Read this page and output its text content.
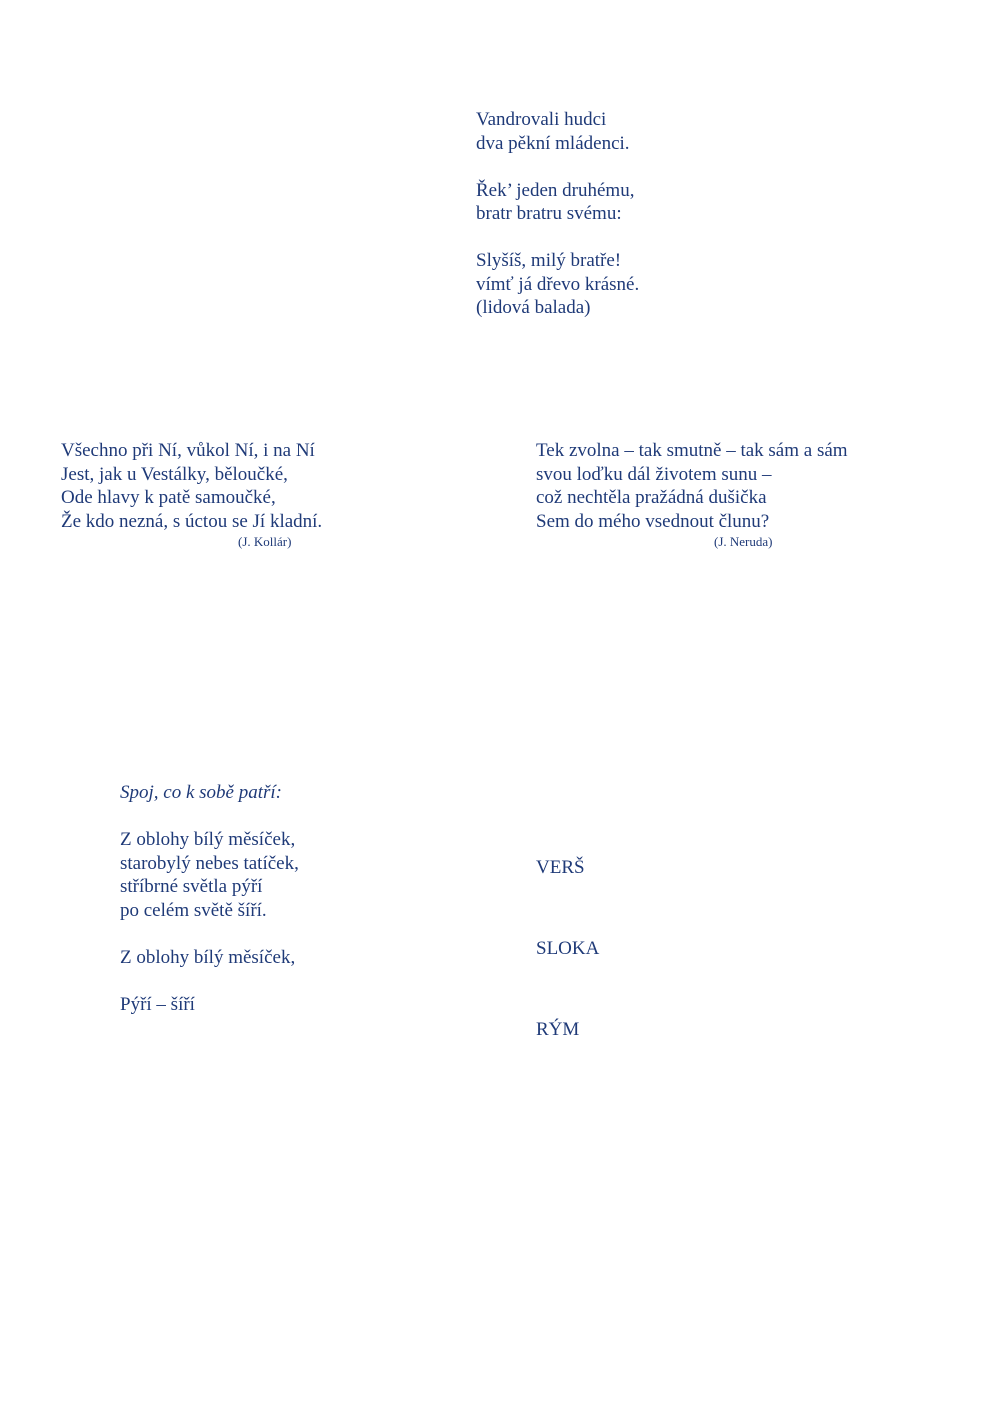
Vandrovali hudci
dva pěkní mládenci.
Řek’ jeden druhému,
bratr bratru svému:
Slyšíš, milý bratře!
vímť já dřevo krásné.
(lidová balada)
Všechno při Ní, vůkol Ní, i na Ní
Jest, jak u Vestálky, běloučké,
Ode hlavy k patě samoučké,
Že kdo nezná, s úctou se Jí kladní.
(J. Kollár)
Tek zvolna – tak smutně – tak sám a sám
svou loďku dál životem sunu –
což nechtěla pražádná dušička
Sem do mého vsednout člunu?
(J. Neruda)
Spoj, co k sobě patří:
Z oblohy bílý měsíček,
starobylý nebes tatíček,
stříbrné světla pýří
po celém světě šíří.
Z oblohy bílý měsíček,
Pýří – šíří
VERŠ
SLOKA
RÝM
